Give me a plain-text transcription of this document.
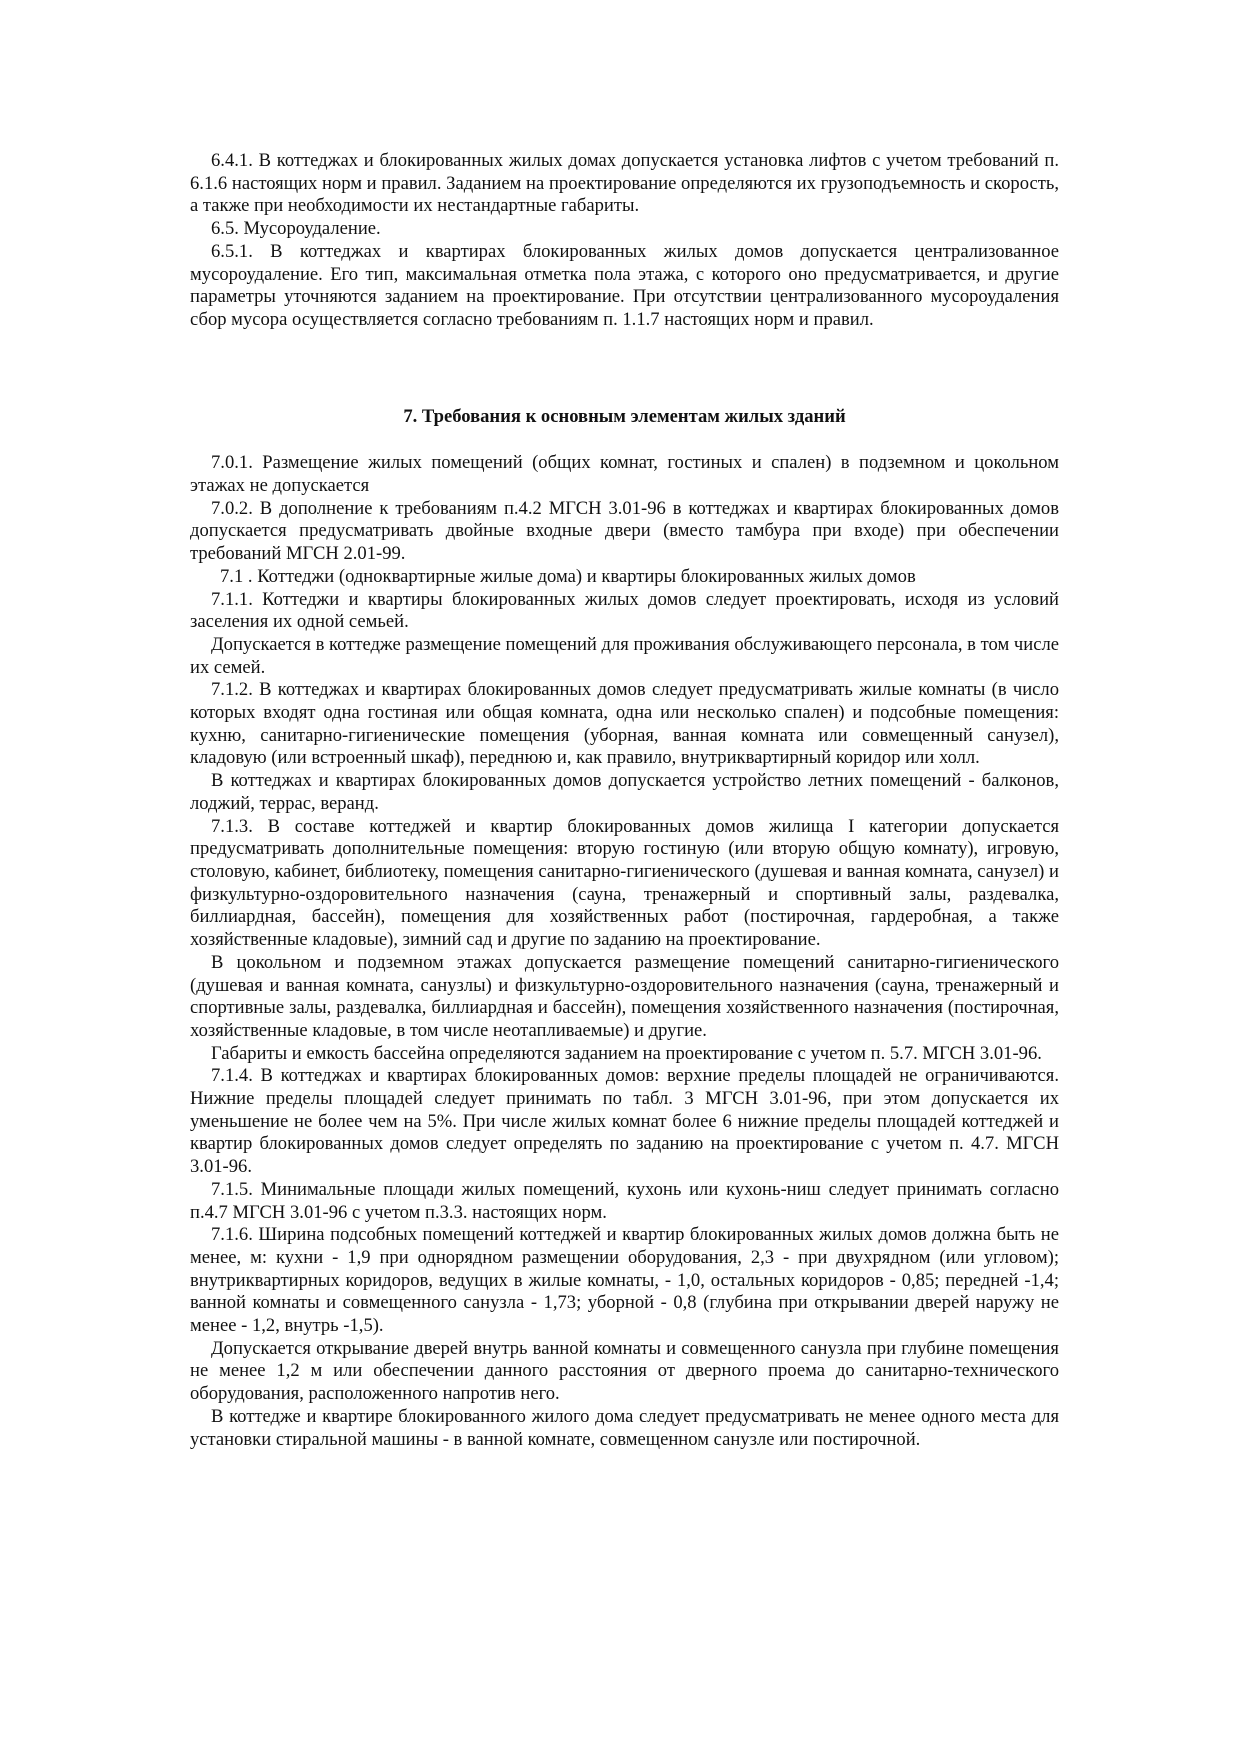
6.4.1. В коттеджах и блокированных жилых домах допускается установка лифтов с учетом требований п. 6.1.6 настоящих норм и правил. Заданием на проектирование определяются их грузоподъемность и скорость, а также при необходимости их нестандартные габариты.

6.5. Мусороудаление.

6.5.1. В коттеджах и квартирах блокированных жилых домов допускается централизованное мусороудаление. Его тип, максимальная отметка пола этажа, с которого оно предусматривается, и другие параметры уточняются заданием на проектирование. При отсутствии централизованного мусороудаления сбор мусора осуществляется согласно требованиям п. 1.1.7 настоящих норм и правил.

7. Требования к основным элементам жилых зданий

7.0.1. Размещение жилых помещений (общих комнат, гостиных и спален) в подземном и цокольном этажах не допускается

7.0.2. В дополнение к требованиям п.4.2 МГСН 3.01-96 в коттеджах и квартирах блокированных домов допускается предусматривать двойные входные двери (вместо тамбура при входе) при обеспечении требований МГСН 2.01-99.

7.1 . Коттеджи (одноквартирные жилые дома) и квартиры блокированных жилых домов

7.1.1. Коттеджи и квартиры блокированных жилых домов следует проектировать, исходя из условий заселения их одной семьей.

Допускается в коттедже размещение помещений для проживания обслуживающего персонала, в том числе их семей.

7.1.2. В коттеджах и квартирах блокированных домов следует предусматривать жилые комнаты (в число которых входят одна гостиная или общая комната, одна или несколько спален) и подсобные помещения: кухню, санитарно-гигиенические помещения (уборная, ванная комната или совмещенный санузел), кладовую (или встроенный шкаф), переднюю и, как правило, внутриквартирный коридор или холл.

В коттеджах и квартирах блокированных домов допускается устройство летних помещений - балконов, лоджий, террас, веранд.

7.1.3. В составе коттеджей и квартир блокированных домов жилища I категории допускается предусматривать дополнительные помещения: вторую гостиную (или вторую общую комнату), игровую, столовую, кабинет, библиотеку, помещения санитарно-гигиенического (душевая и ванная комната, санузел) и физкультурно-оздоровительного назначения (сауна, тренажерный и спортивный залы, раздевалка, биллиардная, бассейн), помещения для хозяйственных работ (постирочная, гардеробная, а также хозяйственные кладовые), зимний сад и другие по заданию на проектирование.

В цокольном и подземном этажах допускается размещение помещений санитарно-гигиенического (душевая и ванная комната, санузлы) и физкультурно-оздоровительного назначения (сауна, тренажерный и спортивные залы, раздевалка, биллиардная и бассейн), помещения хозяйственного назначения (постирочная, хозяйственные кладовые, в том числе неотапливаемые) и другие.

Габариты и емкость бассейна определяются заданием на проектирование с учетом п. 5.7. МГСН 3.01-96.

7.1.4. В коттеджах и квартирах блокированных домов: верхние пределы площадей не ограничиваются. Нижние пределы площадей следует принимать по табл. 3 МГСН 3.01-96, при этом допускается их уменьшение не более чем на 5%. При числе жилых комнат более 6 нижние пределы площадей коттеджей и квартир блокированных домов следует определять по заданию на проектирование с учетом п. 4.7. МГСН 3.01-96.

7.1.5. Минимальные площади жилых помещений, кухонь или кухонь-ниш следует принимать согласно п.4.7 МГСН 3.01-96 с учетом п.3.3. настоящих норм.

7.1.6. Ширина подсобных помещений коттеджей и квартир блокированных жилых домов должна быть не менее, м: кухни - 1,9 при однорядном размещении оборудования, 2,3 - при двухрядном (или угловом); внутриквартирных коридоров, ведущих в жилые комнаты, - 1,0, остальных коридоров - 0,85; передней -1,4; ванной комнаты и совмещенного санузла - 1,73; уборной - 0,8 (глубина при открывании дверей наружу не менее - 1,2, внутрь -1,5).

Допускается открывание дверей внутрь ванной комнаты и совмещенного санузла при глубине помещения не менее 1,2 м или обеспечении данного расстояния от дверного проема до санитарно-технического оборудования, расположенного напротив него.

В коттедже и квартире блокированного жилого дома следует предусматривать не менее одного места для установки стиральной машины - в ванной комнате, совмещенном санузле или постирочной.
